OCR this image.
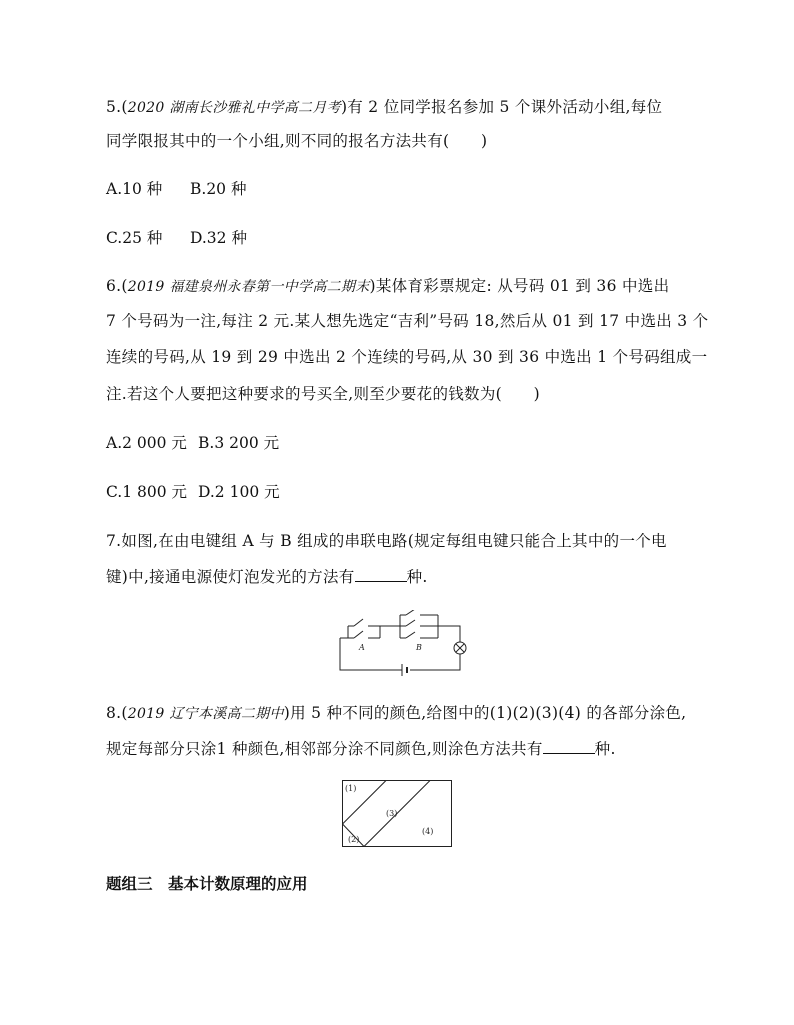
5.(2020 湖南长沙雅礼中学高二月考)有 2 位同学报名参加 5 个课外活动小组,每位
同学限报其中的一个小组,则不同的报名方法共有(　　)
A.10 种 B.20 种
C.25 种 D.32 种
6.(2019 福建泉州永春第一中学高二期末)某体育彩票规定: 从号码 01 到 36 中选出
7 个号码为一注,每注 2 元.某人想先选定“吉利”号码 18,然后从 01 到 17 中选出 3 个
连续的号码,从 19 到 29 中选出 2 个连续的号码,从 30 到 36 中选出 1 个号码组成一
注.若这个人要把这种要求的号买全,则至少要花的钱数为(　　)
A.2 000 元 B.3 200 元
C.1 800 元 D.2 100 元
7.如图,在由电键组 A 与 B 组成的串联电路(规定每组电键只能合上其中的一个电
键)中,接通电源使灯泡发光的方法有	种.
A	B
8.(2019 辽宁本溪高二期中)用 5 种不同的颜色,给图中的(1)(2)(3)(4) 的各部分涂色,
规定每部分只涂1 种颜色,相邻部分涂不同颜色,则涂色方法共有	种.
(1)
(3)
(2)
(4)
题组三　基本计数原理的应用
